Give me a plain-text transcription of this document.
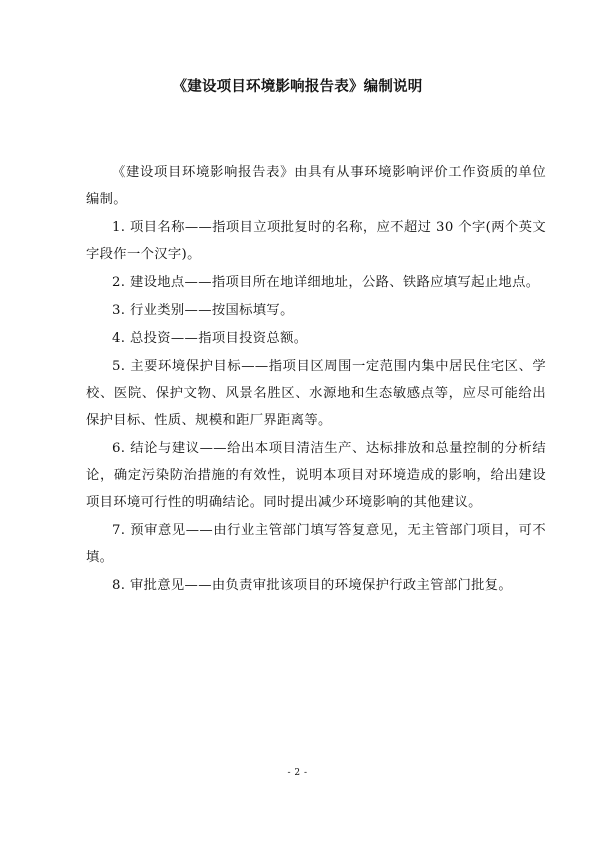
《建设项目环境影响报告表》编制说明

《建设项目环境影响报告表》由具有从事环境影响评价工作资质的单位编制。

1. 项目名称——指项目立项批复时的名称，应不超过 30 个字(两个英文字段作一个汉字)。

2. 建设地点——指项目所在地详细地址，公路、铁路应填写起止地点。

3. 行业类别——按国标填写。

4. 总投资——指项目投资总额。

5. 主要环境保护目标——指项目区周围一定范围内集中居民住宅区、学校、医院、保护文物、风景名胜区、水源地和生态敏感点等，应尽可能给出保护目标、性质、规模和距厂界距离等。

6. 结论与建议——给出本项目清洁生产、达标排放和总量控制的分析结论，确定污染防治措施的有效性，说明本项目对环境造成的影响，给出建设项目环境可行性的明确结论。同时提出减少环境影响的其他建议。

7. 预审意见——由行业主管部门填写答复意见，无主管部门项目，可不填。

8. 审批意见——由负责审批该项目的环境保护行政主管部门批复。

- 2 -
